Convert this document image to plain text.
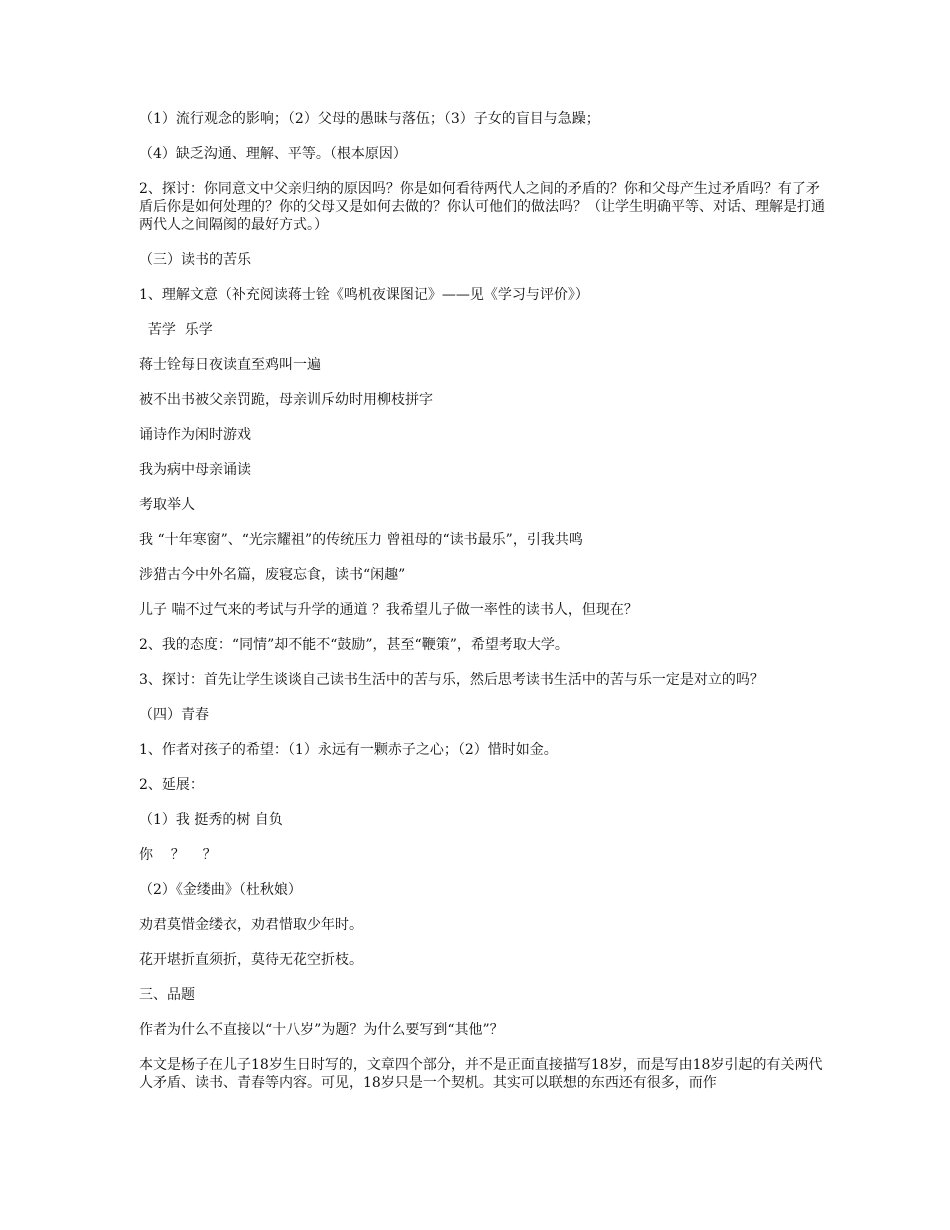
（1）流行观念的影响；（2）父母的愚昧与落伍；（3）子女的盲目与急躁；

（4）缺乏沟通、理解、平等。（根本原因）

2、探讨：你同意文中父亲归纳的原因吗？你是如何看待两代人之间的矛盾的？你和父母产生过矛盾吗？有了矛盾后你是如何处理的？你的父母又是如何去做的？你认可他们的做法吗？（让学生明确平等、对话、理解是打通两代人之间隔阂的最好方式。）

（三）读书的苦乐

1、理解文意（补充阅读蒋士铨《鸣机夜课图记》——见《学习与评价》）

苦学  乐学

蒋士铨每日夜读直至鸡叫一遍

被不出书被父亲罚跪，母亲训斥幼时用柳枝拼字

诵诗作为闲时游戏

我为病中母亲诵读

考取举人

我 “十年寒窗”、“光宗耀祖”的传统压力 曾祖母的“读书最乐”，引我共鸣

涉猎古今中外名篇，废寝忘食，读书“闲趣”

儿子 喘不过气来的考试与升学的通道 ？我希望儿子做一率性的读书人，但现在？

2、我的态度：“同情”却不能不“鼓励”，甚至“鞭策”，希望考取大学。

3、探讨：首先让学生谈谈自己读书生活中的苦与乐，然后思考读书生活中的苦与乐一定是对立的吗？

（四）青春

1、作者对孩子的希望：（1）永远有一颗赤子之心；（2）惜时如金。

2、延展：

（1）我 挺秀的树 自负

你    ？    ？

（2）《金缕曲》（杜秋娘）

劝君莫惜金缕衣，劝君惜取少年时。

花开堪折直须折，莫待无花空折枝。

三、品题

作者为什么不直接以“十八岁”为题？为什么要写到“其他”？

本文是杨子在儿子18岁生日时写的，文章四个部分，并不是正面直接描写18岁，而是写由18岁引起的有关两代人矛盾、读书、青春等内容。可见，18岁只是一个契机。其实可以联想的东西还有很多，而作
